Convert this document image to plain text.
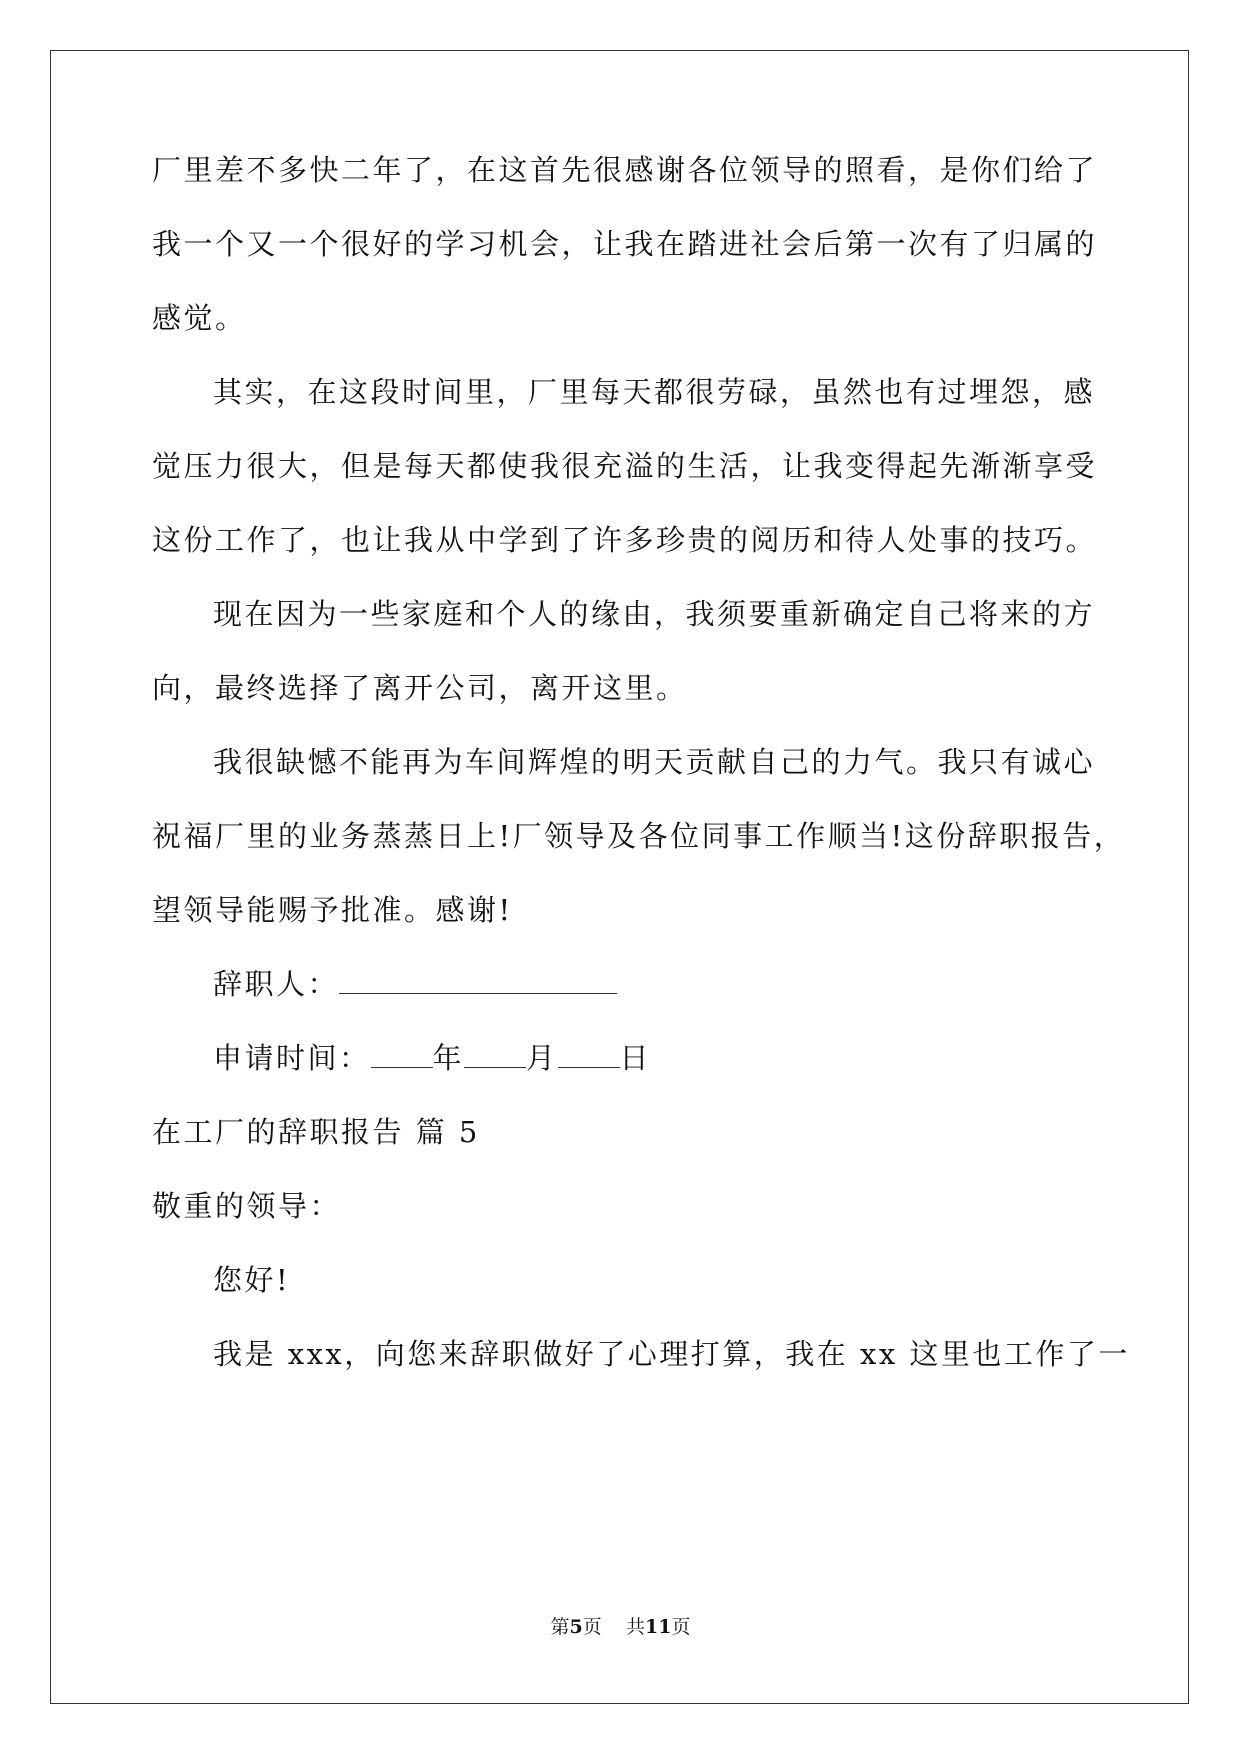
厂里差不多快二年了，在这首先很感谢各位领导的照看，是你们给了
我一个又一个很好的学习机会，让我在踏进社会后第一次有了归属的
感觉。
其实，在这段时间里，厂里每天都很劳碌，虽然也有过埋怨，感
觉压力很大，但是每天都使我很充溢的生活，让我变得起先渐渐享受
这份工作了，也让我从中学到了许多珍贵的阅历和待人处事的技巧。
现在因为一些家庭和个人的缘由，我须要重新确定自己将来的方
向，最终选择了离开公司，离开这里。
我很缺憾不能再为车间辉煌的明天贡献自己的力气。我只有诚心
祝福厂里的业务蒸蒸日上!厂领导及各位同事工作顺当!这份辞职报告，
望领导能赐予批准。感谢!
辞职人：
申请时间： 年 月 日
在工厂的辞职报告 篇 5
敬重的领导：
您好!
我是 xxx，向您来辞职做好了心理打算，我在 xx 这里也工作了一
第5页 共11页
